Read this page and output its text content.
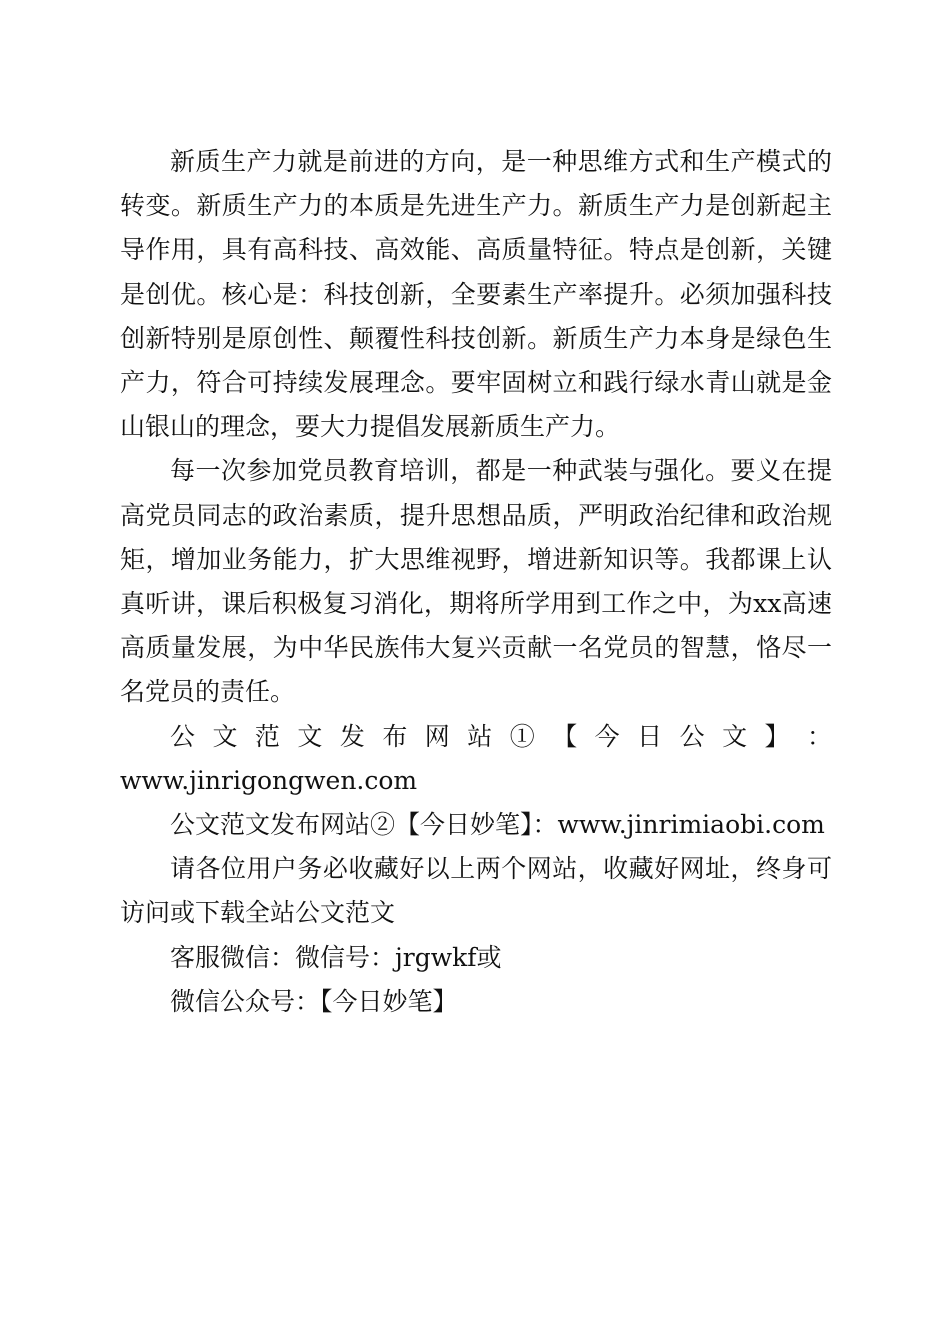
新质生产力就是前进的方向，是一种思维方式和生产模式的转变。新质生产力的本质是先进生产力。新质生产力是创新起主导作用，具有高科技、高效能、高质量特征。特点是创新，关键是创优。核心是：科技创新，全要素生产率提升。必须加强科技创新特别是原创性、颠覆性科技创新。新质生产力本身是绿色生产力，符合可持续发展理念。要牢固树立和践行绿水青山就是金山银山的理念，要大力提倡发展新质生产力。

每一次参加党员教育培训，都是一种武装与强化。要义在提高党员同志的政治素质，提升思想品质，严明政治纪律和政治规矩，增加业务能力，扩大思维视野，增进新知识等。我都课上认真听讲，课后积极复习消化，期将所学用到工作之中，为xx高速高质量发展，为中华民族伟大复兴贡献一名党员的智慧，恪尽一名党员的责任。

公 文 范 文 发 布 网 站 ① 【 今 日 公 文 】 ：
www.jinrigongwen.com

公文范文发布网站②【今日妙笔】：www.jinrimiaobi.com

请各位用户务必收藏好以上两个网站，收藏好网址，终身可访问或下载全站公文范文

客服微信：微信号：jrgwkf或

微信公众号：【今日妙笔】
